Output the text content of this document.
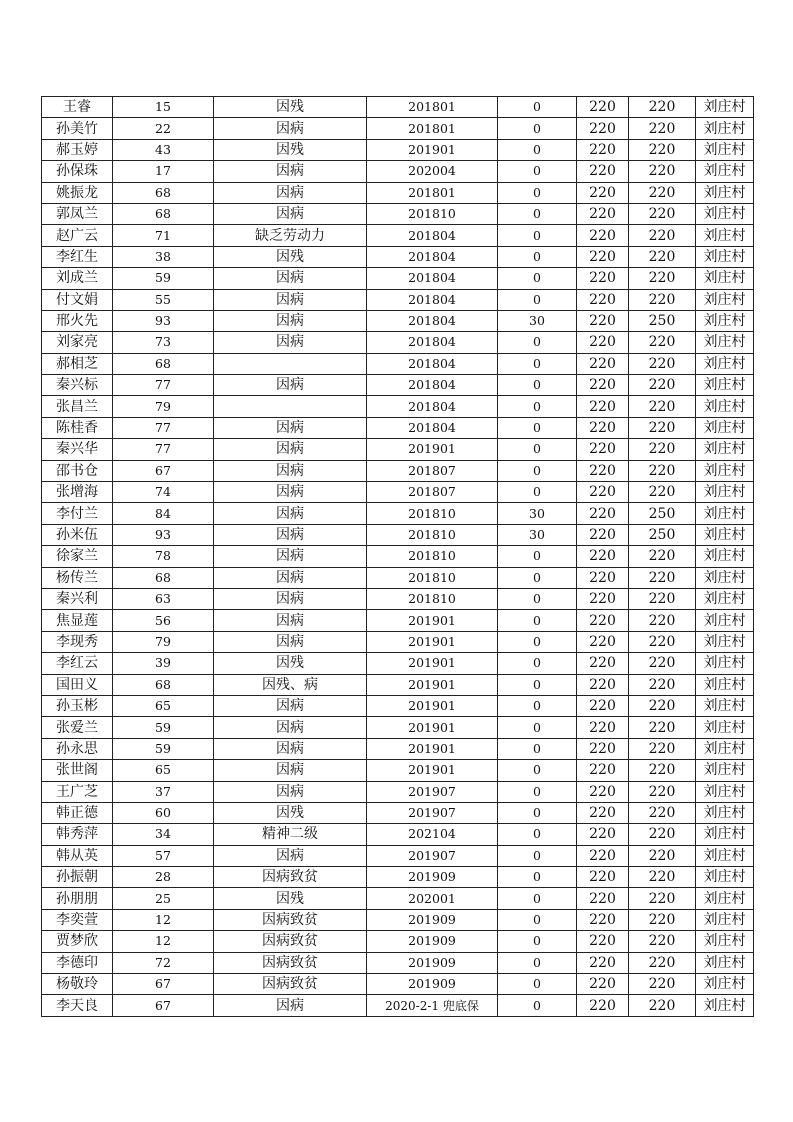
王睿	15	因残	201801	0	220	220	刘庄村
孙美竹	22	因病	201801	0	220	220	刘庄村
郝玉婷	43	因残	201901	0	220	220	刘庄村
孙保珠	17	因病	202004	0	220	220	刘庄村
姚振龙	68	因病	201801	0	220	220	刘庄村
郭凤兰	68	因病	201810	0	220	220	刘庄村
赵广云	71	缺乏劳动力	201804	0	220	220	刘庄村
李红生	38	因残	201804	0	220	220	刘庄村
刘成兰	59	因病	201804	0	220	220	刘庄村
付文娟	55	因病	201804	0	220	220	刘庄村
邢火先	93	因病	201804	30	220	250	刘庄村
刘家亮	73	因病	201804	0	220	220	刘庄村
郝相芝	68		201804	0	220	220	刘庄村
秦兴标	77	因病	201804	0	220	220	刘庄村
张昌兰	79		201804	0	220	220	刘庄村
陈桂香	77	因病	201804	0	220	220	刘庄村
秦兴华	77	因病	201901	0	220	220	刘庄村
邵书仓	67	因病	201807	0	220	220	刘庄村
张增海	74	因病	201807	0	220	220	刘庄村
李付兰	84	因病	201810	30	220	250	刘庄村
孙米伍	93	因病	201810	30	220	250	刘庄村
徐家兰	78	因病	201810	0	220	220	刘庄村
杨传兰	68	因病	201810	0	220	220	刘庄村
秦兴利	63	因病	201810	0	220	220	刘庄村
焦显莲	56	因病	201901	0	220	220	刘庄村
李现秀	79	因病	201901	0	220	220	刘庄村
李红云	39	因残	201901	0	220	220	刘庄村
国田义	68	因残、病	201901	0	220	220	刘庄村
孙玉彬	65	因病	201901	0	220	220	刘庄村
张爱兰	59	因病	201901	0	220	220	刘庄村
孙永思	59	因病	201901	0	220	220	刘庄村
张世阁	65	因病	201901	0	220	220	刘庄村
王广芝	37	因病	201907	0	220	220	刘庄村
韩正德	60	因残	201907	0	220	220	刘庄村
韩秀萍	34	精神二级	202104	0	220	220	刘庄村
韩从英	57	因病	201907	0	220	220	刘庄村
孙振朝	28	因病致贫	201909	0	220	220	刘庄村
孙朋朋	25	因残	202001	0	220	220	刘庄村
李奕萱	12	因病致贫	201909	0	220	220	刘庄村
贾梦欣	12	因病致贫	201909	0	220	220	刘庄村
李德印	72	因病致贫	201909	0	220	220	刘庄村
杨敬玲	67	因病致贫	201909	0	220	220	刘庄村
李天良	67	因病	2020-2-1 兜底保	0	220	220	刘庄村
